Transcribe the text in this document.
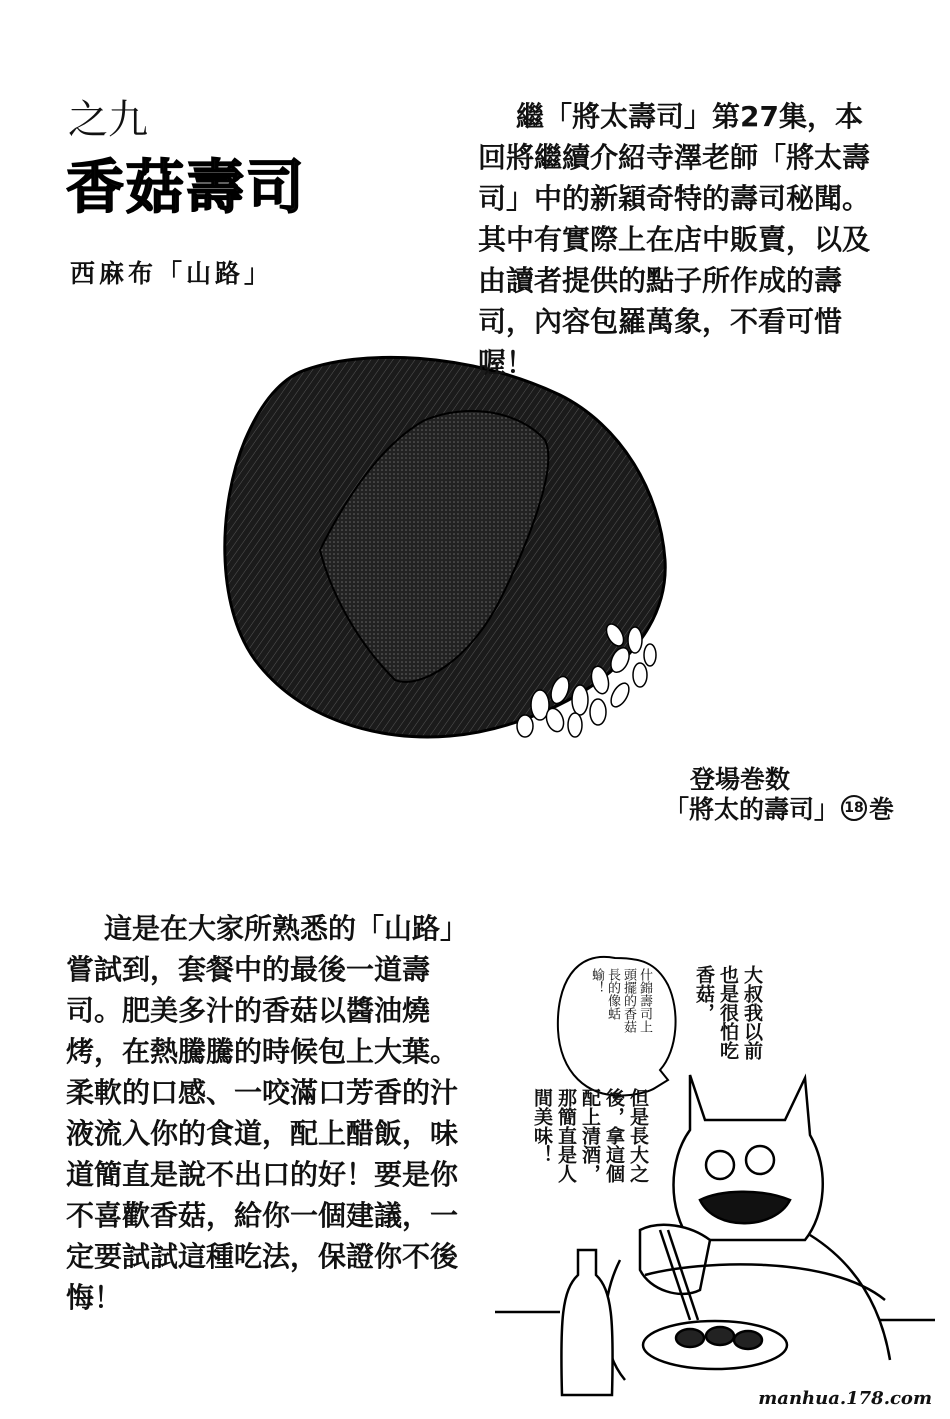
之九
香菇壽司
西麻布「山路」
繼「將太壽司」第27集，本回將繼續介紹寺澤老師「將太壽司」中的新穎奇特的壽司秘聞。其中有實際上在店中販賣，以及由讀者提供的點子所作成的壽司，內容包羅萬象，不看可惜喔！
登場巻数
「將太的壽司」 18 巻
這是在大家所熟悉的「山路」嘗試到，套餐中的最後一道壽司。肥美多汁的香菇以醬油燒烤，在熱騰騰的時候包上大葉。柔軟的口感、一咬滿口芳香的汁液流入你的食道，配上醋飯，味道簡直是說不出口的好！要是你不喜歡香菇，給你一個建議，一定要試試這種吃法，保證你不後悔！
什錦壽司上頭擺的香菇長的像蛞蝓！	大叔我以前也是很怕吃香菇，
但是長大之後，拿這個配上清酒，那簡直是人間美味！
manhua.178.com
